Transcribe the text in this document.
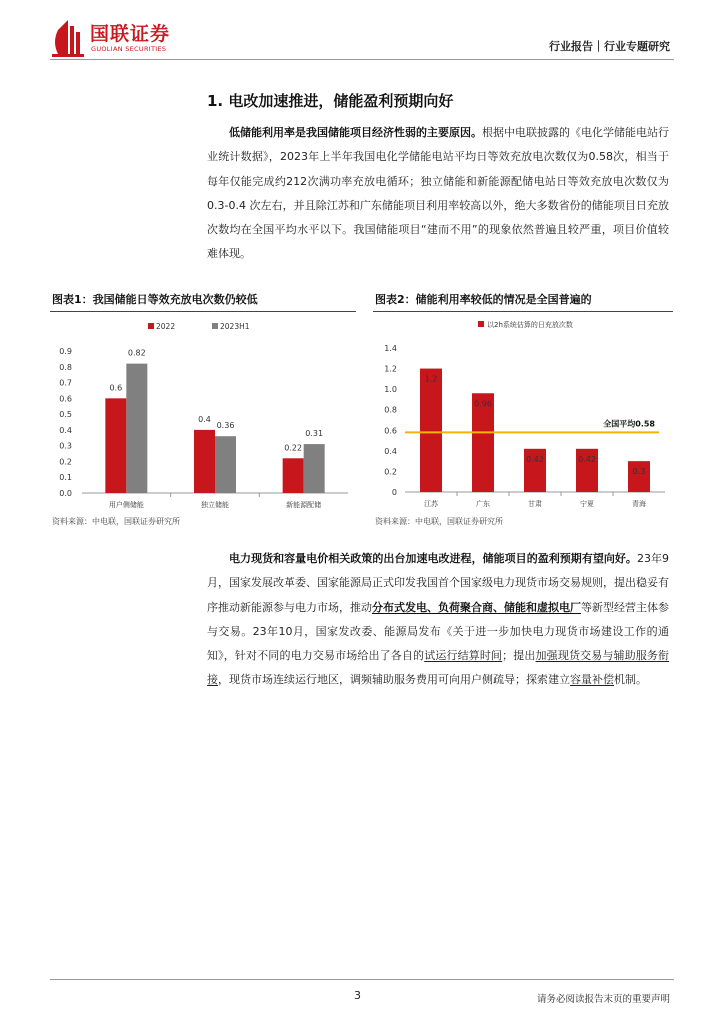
国联证券
GUOLIAN SECURITIES	行业报告｜行业专题研究
1. 电改加速推进，储能盈利预期向好
低储能利用率是我国储能项目经济性弱的主要原因。根据中电联披露的《电化学储能电站行业统计数据》，2023年上半年我国电化学储能电站平均日等效充放电次数仅为0.58次，相当于每年仅能完成约212次满功率充放电循环；独立储能和新能源配储电站日等效充放电次数仅为 0.3-0.4 次左右，并且除江苏和广东储能项目利用率较高以外，绝大多数省份的储能项目日充放次数均在全国平均水平以下。我国储能项目“建而不用”的现象依然普遍且较严重，项目价值较难体现。
图表1：我国储能日等效充放电次数仍较低
0.0
0.1
0.2
0.3
0.4
0.5
0.6
0.7
0.8
0.9
0.6
0.82
用户侧储能
0.4
0.36
独立储能
0.22
0.31
新能源配储
2022	2023H1
资料来源：中电联，国联证券研究所
图表2：储能利用率较低的情况是全国普遍的
0
0.2
0.4
0.6
0.8
1.0
1.2
1.4
1.2
江苏
0.96
广东
0.42
甘肃
0.42
宁夏
0.3
青海
全国平均0.58
以2h系统估算的日充放次数
资料来源：中电联，国联证券研究所
电力现货和容量电价相关政策的出台加速电改进程，储能项目的盈利预期有望向好。23年9月，国家发展改革委、国家能源局正式印发我国首个国家级电力现货市场交易规则，提出稳妥有序推动新能源参与电力市场，推动分布式发电、负荷聚合商、储能和虚拟电厂等新型经营主体参与交易。23年10月，国家发改委、能源局发布《关于进一步加快电力现货市场建设工作的通知》，针对不同的电力交易市场给出了各自的试运行结算时间；提出加强现货交易与辅助服务衔接，现货市场连续运行地区，调频辅助服务费用可向用户侧疏导；探索建立容量补偿机制。
3	请务必阅读报告末页的重要声明
